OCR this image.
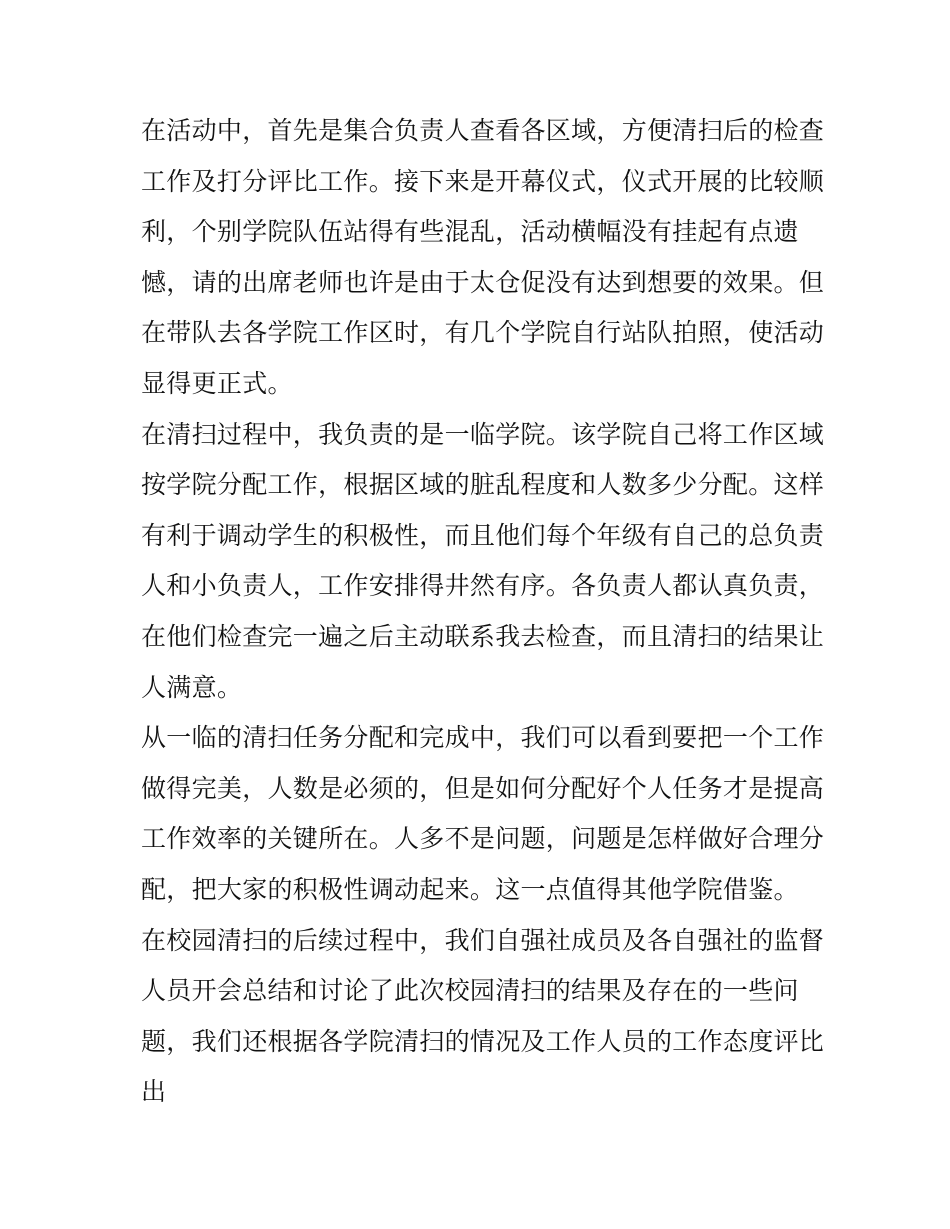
在活动中，首先是集合负责人查看各区域，方便清扫后的检查
工作及打分评比工作。接下来是开幕仪式，仪式开展的比较顺
利，个别学院队伍站得有些混乱，活动横幅没有挂起有点遗
憾，请的出席老师也许是由于太仓促没有达到想要的效果。但
在带队去各学院工作区时，有几个学院自行站队拍照，使活动
显得更正式。
在清扫过程中，我负责的是一临学院。该学院自己将工作区域
按学院分配工作，根据区域的脏乱程度和人数多少分配。这样
有利于调动学生的积极性，而且他们每个年级有自己的总负责
人和小负责人，工作安排得井然有序。各负责人都认真负责，
在他们检查完一遍之后主动联系我去检查，而且清扫的结果让
人满意。
从一临的清扫任务分配和完成中，我们可以看到要把一个工作
做得完美，人数是必须的，但是如何分配好个人任务才是提高
工作效率的关键所在。人多不是问题，问题是怎样做好合理分
配，把大家的积极性调动起来。这一点值得其他学院借鉴。
在校园清扫的后续过程中，我们自强社成员及各自强社的监督
人员开会总结和讨论了此次校园清扫的结果及存在的一些问
题，我们还根据各学院清扫的情况及工作人员的工作态度评比
出
